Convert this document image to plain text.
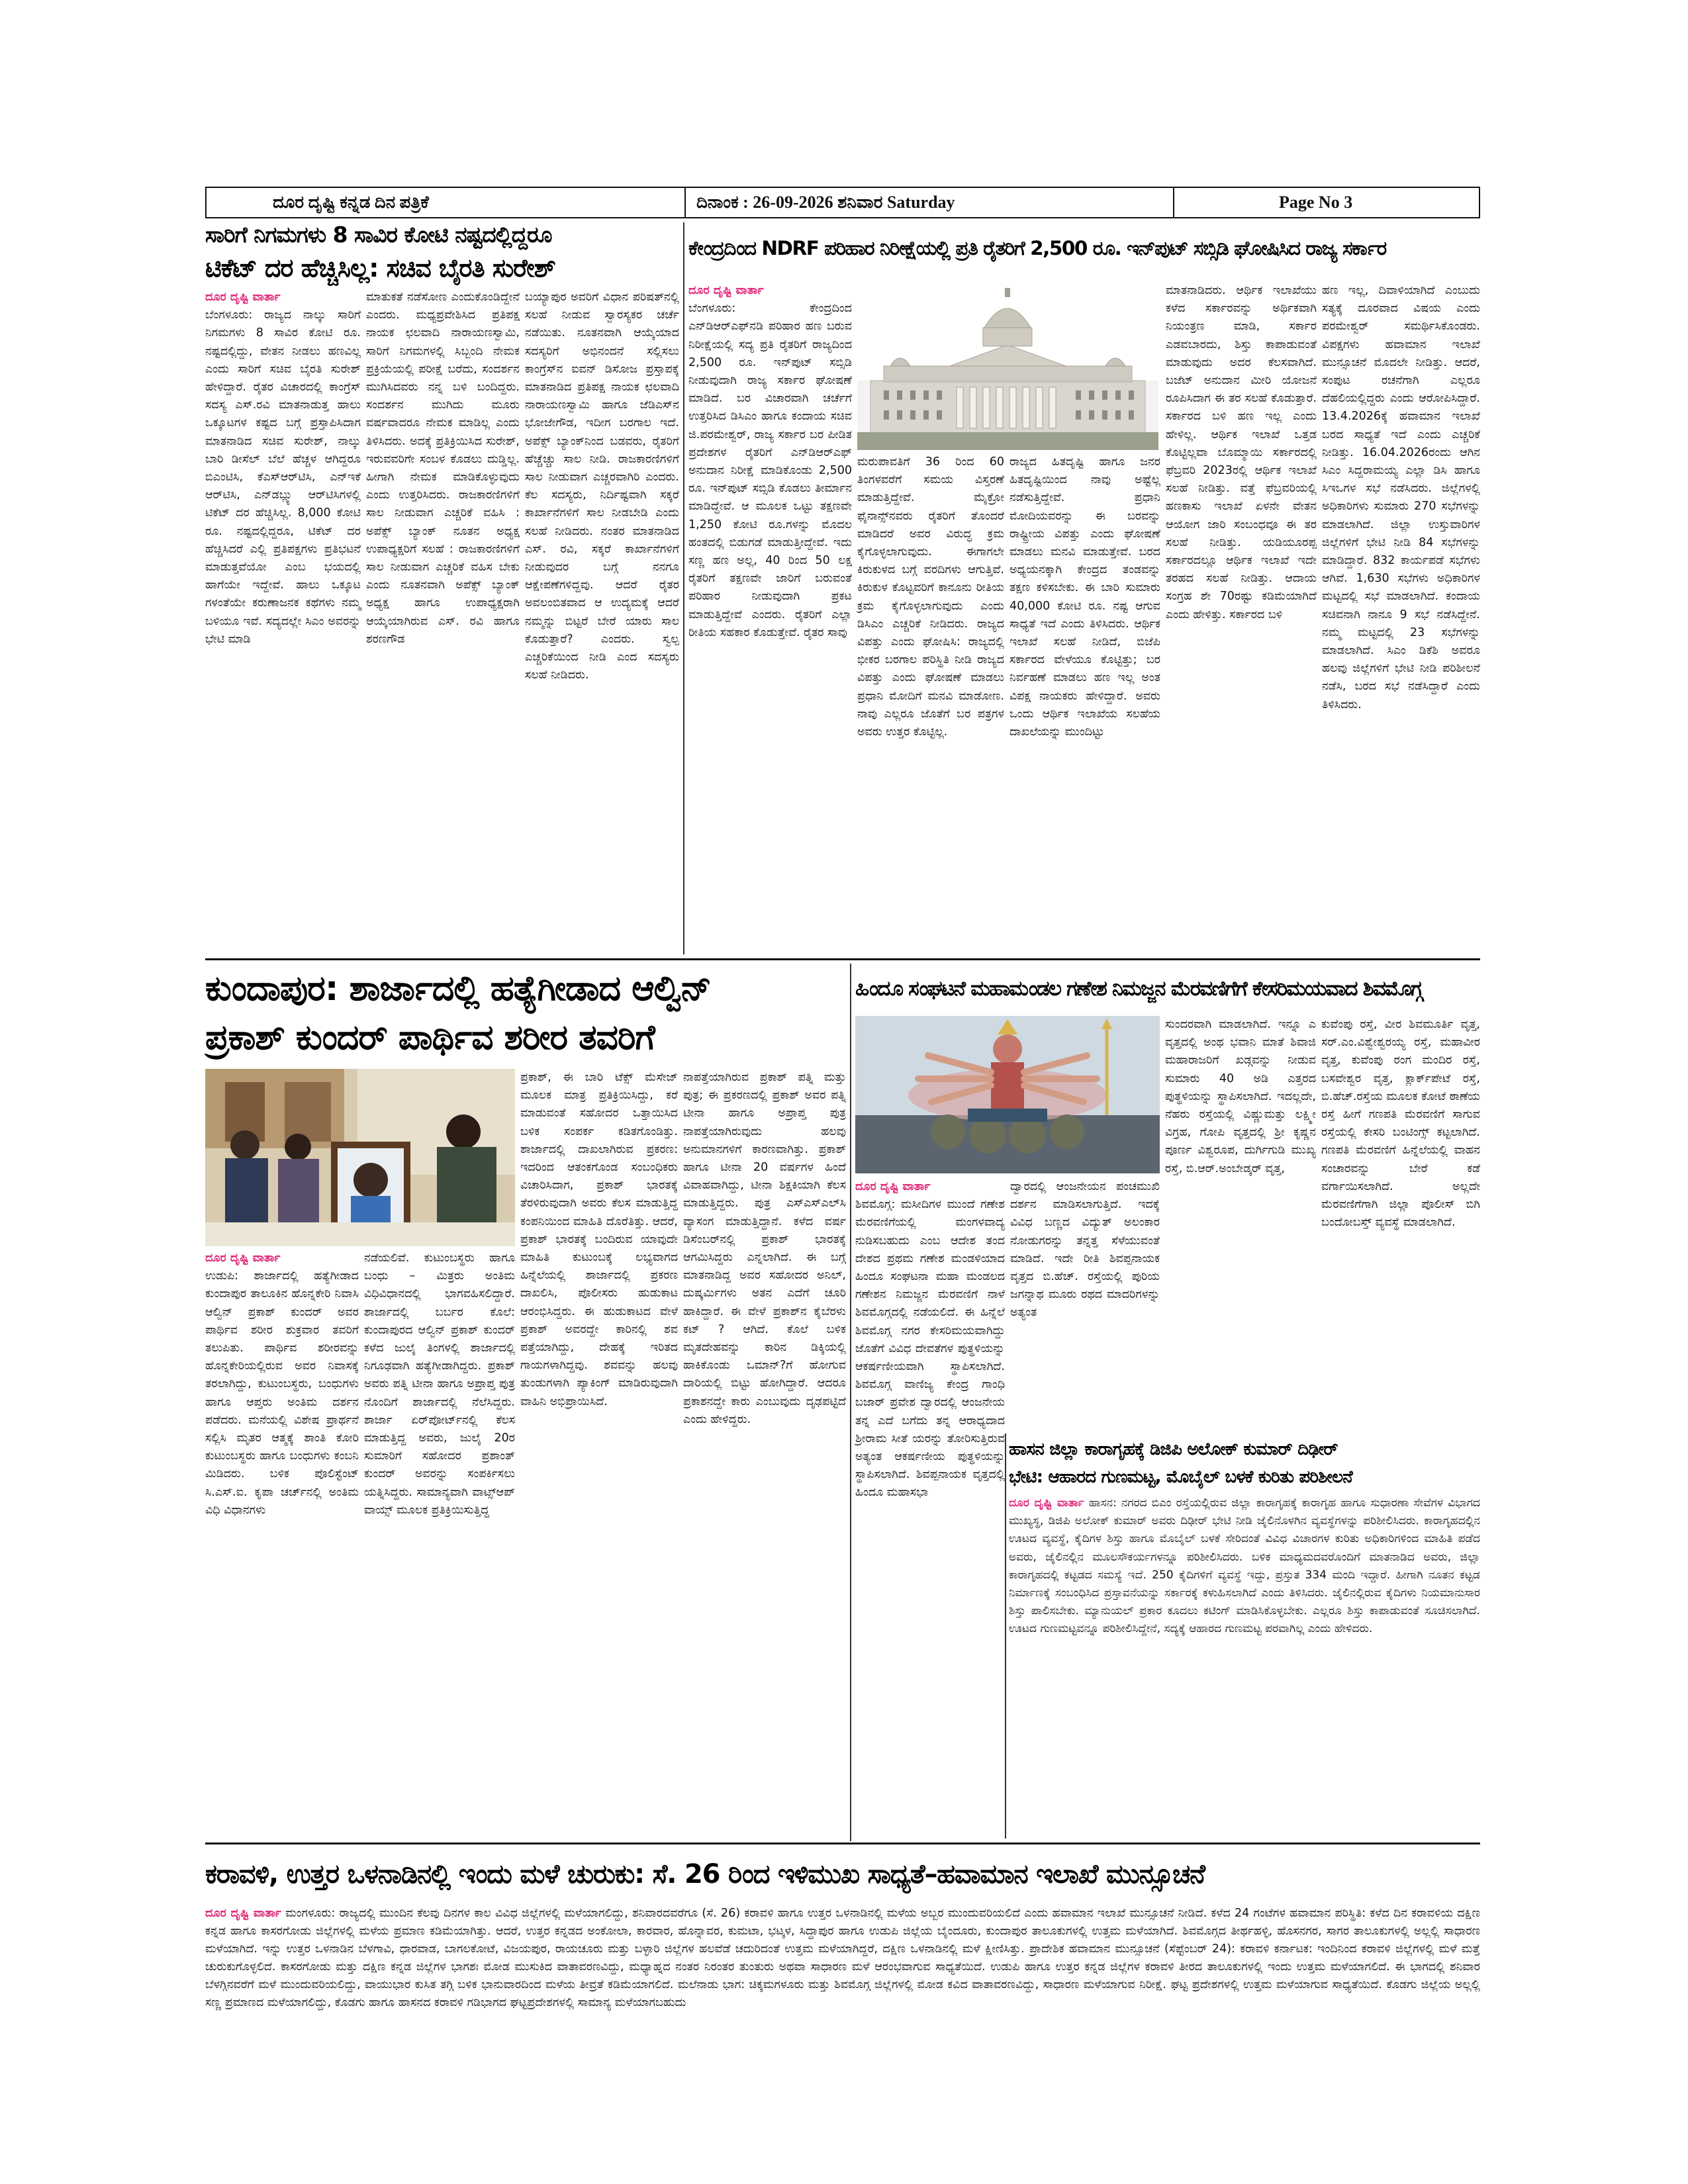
ದೂರ ದೃಷ್ಟಿ ಕನ್ನಡ ದಿನ ಪತ್ರಿಕೆ	ದಿನಾಂಕ : 26-09-2026 ಶನಿವಾರ Saturday	Page No 3
ಸಾರಿಗೆ ನಿಗಮಗಳು 8 ಸಾವಿರ ಕೋಟಿ ನಷ್ಟದಲ್ಲಿದ್ದರೂ
ಟಿಕೆಟ್ ದರ ಹೆಚ್ಚಿಸಿಲ್ಲ: ಸಚಿವ ಬೈರತಿ ಸುರೇಶ್
ದೂರ ದೃಷ್ಟಿ ವಾರ್ತಾ

ಬೆಂಗಳೂರು: ರಾಜ್ಯದ ನಾಲ್ಕು ಸಾರಿಗೆ ನಿಗಮಗಳು 8 ಸಾವಿರ ಕೋಟಿ ರೂ. ನಷ್ಟದಲ್ಲಿದ್ದು, ವೇತನ ನೀಡಲು ಹಣವಿಲ್ಲ ಎಂದು ಸಾರಿಗೆ ಸಚಿವ ಬೈರತಿ ಸುರೇಶ್ ಹೇಳಿದ್ದಾರೆ. ರೈತರ ವಿಚಾರದಲ್ಲಿ ಕಾಂಗ್ರೆಸ್ ಸದಸ್ಯ ಎಸ್.ರವಿ ಮಾತನಾಡುತ್ತ ಹಾಲು ಒಕ್ಕೂಟಗಳ ಕಷ್ಟದ ಬಗ್ಗೆ ಪ್ರಸ್ತಾಪಿಸಿದಾಗ ಮಾತನಾಡಿದ ಸಚಿವ ಸುರೇಶ್, ನಾಲ್ಕು ಬಾರಿ ಡೀಸೆಲ್ ಬೆಲೆ ಹೆಚ್ಚಳ ಆಗಿದ್ದರೂ ಬಿಎಂಟಿಸಿ, ಕೆಎಸ್ಆರ್‌ಟಿಸಿ, ಎನ್‌ಇಕೆ ಆರ್‌ಟಿಸಿ, ಎನ್‌ಡಬ್ಲ್ಯು ಆರ್‌ಟಿಸಿಗಳಲ್ಲಿ ಟಿಕೆಟ್ ದರ ಹೆಚ್ಚಿಸಿಲ್ಲ. 8,000 ಕೋಟಿ ರೂ. ನಷ್ಟದಲ್ಲಿದ್ದರೂ, ಟಿಕೆಟ್ ದರ ಹೆಚ್ಚಿಸಿದರೆ ಎಲ್ಲಿ ಪ್ರತಿಪಕ್ಷಗಳು ಪ್ರತಿಭಟನೆ ಮಾಡುತ್ತವೆಯೋ ಎಂಬ ಭಯದಲ್ಲಿ ಹಾಗೆಯೇ ಇದ್ದೇವೆ. ಹಾಲು ಒಕ್ಕೂಟ ಗಳಂತೆಯೇ ಕರುಣಾಜನಕ ಕಥೆಗಳು ನಮ್ಮ ಬಳಿಯೂ ಇವೆ. ಸದ್ಯದಲ್ಲೇ ಸಿಎಂ ಅವರನ್ನು ಭೇಟಿ ಮಾಡಿ

ಮಾತುಕತೆ ನಡೆಸೋಣ ಎಂದುಕೊಂಡಿದ್ದೇನೆ ಎಂದರು. ಮಧ್ಯಪ್ರವೇಶಿಸಿದ ಪ್ರತಿಪಕ್ಷ ನಾಯಕ ಛಲವಾದಿ ನಾರಾಯಣಸ್ವಾಮಿ, ಸಾರಿಗೆ ನಿಗಮಗಳಲ್ಲಿ ಸಿಬ್ಬಂದಿ ನೇಮಕ ಪ್ರಕ್ರಿಯೆಯಲ್ಲಿ ಪರೀಕ್ಷೆ ಬರೆದು, ಸಂದರ್ಶನ ಮುಗಿಸಿದವರು ನನ್ನ ಬಳಿ ಬಂದಿದ್ದರು. ಸಂದರ್ಶನ ಮುಗಿದು ಮೂರು ವರ್ಷವಾದರೂ ನೇಮಕ ಮಾಡಿಲ್ಲ ಎಂದು ತಿಳಿಸಿದರು. ಅದಕ್ಕೆ ಪ್ರತಿಕ್ರಿಯಿಸಿದ ಸುರೇಶ್, ಇರುವವರಿಗೇ ಸಂಬಳ ಕೊಡಲು ದುಡ್ಡಿಲ್ಲ. ಹೀಗಾಗಿ ನೇಮಕ ಮಾಡಿಕೊಳ್ಳುವುದು ಎಂದು ಉತ್ತರಿಸಿದರು. ರಾಜಕಾರಣಿಗಳಿಗೆ ಸಾಲ ನೀಡುವಾಗ ಎಚ್ಚರಿಕೆ ವಹಿಸಿ : ಅಪೆಕ್ಸ್ ಬ್ಯಾಂಕ್ ನೂತನ ಅಧ್ಯಕ್ಷ ಉಪಾಧ್ಯಕ್ಷರಿಗೆ ಸಲಹೆ : ರಾಜಕಾರಣಿಗಳಿಗೆ ಸಾಲ ನೀಡುವಾಗ ಎಚ್ಚರಿಕೆ ವಹಿಸ ಬೇಕು ಎಂದು ನೂತನವಾಗಿ ಅಪೆಕ್ಸ್ ಬ್ಯಾಂಕ್ ಅಧ್ಯಕ್ಷ ಹಾಗೂ ಉಪಾಧ್ಯಕ್ಷರಾಗಿ ಆಯ್ಕೆಯಾಗಿರುವ ಎಸ್. ರವಿ ಹಾಗೂ ಶರಣಗೌಡ

ಬಯ್ಯಾಪುರ ಅವರಿಗೆ ವಿಧಾನ ಪರಿಷತ್‌ನಲ್ಲಿ ಸಲಹೆ ನೀಡುವ ಸ್ವಾರಸ್ಯಕರ ಚರ್ಚೆ ನಡೆಯಿತು. ನೂತನವಾಗಿ ಆಯ್ಕೆಯಾದ ಸದಸ್ಯರಿಗೆ ಅಭಿನಂದನೆ ಸಲ್ಲಿಸಲು ಕಾಂಗ್ರೆಸ್‌ನ ಐವನ್ ಡಿಸೋಜ ಪ್ರಸ್ತಾಪಕ್ಕೆ ಮಾತನಾಡಿದ ಪ್ರತಿಪಕ್ಷ ನಾಯಕ ಛಲವಾದಿ ನಾರಾಯಣಸ್ವಾಮಿ ಹಾಗೂ ಜೆಡಿಎಸ್‌ನ ಭೋಜೇಗೌಡ, ಇದೀಗ ಬರಗಾಲ ಇದೆ. ಅಪೆಕ್ಸ್ ಬ್ಯಾಂಕ್‌ನಿಂದ ಬಡವರು, ರೈತರಿಗೆ ಹೆಚ್ಚೆಚ್ಚು ಸಾಲ ನೀಡಿ. ರಾಜಕಾರಣಿಗಳಿಗೆ ಸಾಲ ನೀಡುವಾಗ ಎಚ್ಚರವಾಗಿರಿ ಎಂದರು. ಕೆಲ ಸದಸ್ಯರು, ನಿರ್ದಿಷ್ಟವಾಗಿ ಸಕ್ಕರೆ ಕಾರ್ಖಾನೆಗಳಿಗೆ ಸಾಲ ನೀಡಬೇಡಿ ಎಂದು ಸಲಹೆ ನೀಡಿದರು. ನಂತರ ಮಾತನಾಡಿದ ಎಸ್. ರವಿ, ಸಕ್ಕರೆ ಕಾರ್ಖಾನೆಗಳಿಗೆ ನೀಡುವುದರ ಬಗ್ಗೆ ನನಗೂ ಆಕ್ಷೇಪಣೆಗಳಿದ್ದವು. ಆದರೆ ರೈತರ ಅವಲಂಬಿತವಾದ ಆ ಉದ್ಯಮಕ್ಕೆ ಆದರೆ ನಮ್ಮನ್ನು ಬಿಟ್ಟರೆ ಬೇರೆ ಯಾರು ಸಾಲ ಕೊಡುತ್ತಾರೆ? ಎಂದರು. ಸ್ವಲ್ಪ ಎಚ್ಚರಿಕೆಯಿಂದ ನೀಡಿ ಎಂದ ಸದಸ್ಯರು ಸಲಹೆ ನೀಡಿದರು.

ಕೇಂದ್ರದಿಂದ NDRF ಪರಿಹಾರ ನಿರೀಕ್ಷೆಯಲ್ಲಿ ಪ್ರತಿ ರೈತರಿಗೆ 2,500 ರೂ. ಇನ್‌ಪುಟ್ ಸಬ್ಸಿಡಿ ಘೋಷಿಸಿದ ರಾಜ್ಯ ಸರ್ಕಾರ
ದೂರ ದೃಷ್ಟಿ ವಾರ್ತಾ

ಬೆಂಗಳೂರು: ಕೇಂದ್ರದಿಂದ ಎನ್‌ಡಿಆರ್‌ಎಫ್‌ನಡಿ ಪರಿಹಾರ ಹಣ ಬರುವ ನಿರೀಕ್ಷೆಯಲ್ಲಿ ಸದ್ಯ ಪ್ರತಿ ರೈತರಿಗೆ ರಾಜ್ಯದಿಂದ 2,500 ರೂ. ಇನ್‌ಪುಟ್ ಸಬ್ಸಿಡಿ ನೀಡುವುದಾಗಿ ರಾಜ್ಯ ಸರ್ಕಾರ ಘೋಷಣೆ ಮಾಡಿದೆ. ಬರ ವಿಚಾರವಾಗಿ ಚರ್ಚೆಗೆ ಉತ್ತರಿಸಿದ ಡಿಸಿಎಂ ಹಾಗೂ ಕಂದಾಯ ಸಚಿವ ಜಿ.ಪರಮೇಶ್ವರ್, ರಾಜ್ಯ ಸರ್ಕಾರ ಬರ ಪೀಡಿತ ಪ್ರದೇಶಗಳ ರೈತರಿಗೆ ಎನ್‌ಡಿಆರ್‌ಎಫ್ ಅನುದಾನ ನಿರೀಕ್ಷೆ ಮಾಡಿಕೊಂಡು 2,500 ರೂ. ಇನ್‌ಪುಟ್ ಸಬ್ಸಿಡಿ ಕೊಡಲು ತೀರ್ಮಾನ ಮಾಡಿದ್ದೇವೆ. ಆ ಮೂಲಕ ಒಟ್ಟು ತಕ್ಷಣವೇ 1,250 ಕೋಟಿ ರೂ.ಗಳನ್ನು ಮೊದಲ ಹಂತದಲ್ಲಿ ಬಿಡುಗಡೆ ಮಾಡುತ್ತೀದ್ದೇವೆ. ಇದು ಸಣ್ಣ ಹಣ ಅಲ್ಲ, 40 ರಿಂದ 50 ಲಕ್ಷ ರೈತರಿಗೆ ತಕ್ಷಣವೇ ಜಾರಿಗೆ ಬರುವಂತೆ ಪರಿಹಾರ ನೀಡುವುದಾಗಿ ಪ್ರಕಟ ಮಾಡುತ್ತಿದ್ದೇವೆ ಎಂದರು. ರೈತರಿಗೆ ಎಲ್ಲಾ ರೀತಿಯ ಸಹಕಾರ ಕೊಡುತ್ತೇವೆ. ರೈತರ ಸಾವು

ಮರುಪಾವತಿಗೆ 36 ರಿಂದ 60 ತಿಂಗಳವರೆಗೆ ಸಮಯ ವಿಸ್ತರಣೆ ಮಾಡುತ್ತಿದ್ದೇವೆ. ಮೈಕ್ರೋ ಫೈನಾನ್ಸ್‌ನವರು ರೈತರಿಗೆ ತೊಂದರೆ ಮಾಡಿದರೆ ಅವರ ವಿರುದ್ಧ ಕ್ರಮ ಕೈಗೊಳ್ಳಲಾಗುವುದು. ಈಗಾಗಲೇ ಕಿರುಕುಳದ ಬಗ್ಗೆ ವರದಿಗಳು ಆಗುತ್ತಿವೆ. ಕಿರುಕುಳ ಕೊಟ್ಟವರಿಗೆ ಕಾನೂನು ರೀತಿಯ ಕ್ರಮ ಕೈಗೊಳ್ಳಲಾಗುವುದು ಎಂದು ಡಿಸಿಎಂ ಎಚ್ಚರಿಕೆ ನೀಡಿದರು. ರಾಜ್ಯದ ವಿಪತ್ತು ಎಂದು ಘೋಷಿಸಿ: ರಾಜ್ಯದಲ್ಲಿ ಭೀಕರ ಬರಗಾಲ ಪರಿಸ್ಥಿತಿ ನೀಡಿ ರಾಜ್ಯದ ವಿಪತ್ತು ಎಂದು ಘೋಷಣೆ ಮಾಡಲು ಪ್ರಧಾನಿ ಮೋದಿಗೆ ಮನವಿ ಮಾಡೋಣ. ನಾವು ಎಲ್ಲರೂ ಜೊತೆಗೆ ಬರ ಪತ್ರಗಳ ಅವರು ಉತ್ತರ ಕೊಟ್ಟಿಲ್ಲ.

ರಾಜ್ಯದ ಹಿತದೃಷ್ಟಿ ಹಾಗೂ ಜನರ ಹಿತದೃಷ್ಟಿಯಿಂದ ನಾವು ಅಷ್ಟೆಲ್ಲ ನಡೆಸುತ್ತಿದ್ದೇವೆ. ಪ್ರಧಾನಿ ಮೋದಿಯವರನ್ನು ಈ ಬರವನ್ನು ರಾಷ್ಟ್ರೀಯ ವಿಪತ್ತು ಎಂದು ಘೋಷಣೆ ಮಾಡಲು ಮನವಿ ಮಾಡುತ್ತೇವೆ. ಬರದ ಅಧ್ಯಯನಕ್ಕಾಗಿ ಕೇಂದ್ರದ ತಂಡವನ್ನು ತಕ್ಷಣ ಕಳಿಸಬೇಕು. ಈ ಬಾರಿ ಸುಮಾರು 40,000 ಕೋಟಿ ರೂ. ನಷ್ಟ ಆಗುವ ಸಾಧ್ಯತೆ ಇದೆ ಎಂದು ತಿಳಿಸಿದರು. ಆರ್ಥಿಕ ಇಲಾಖೆ ಸಲಹೆ ನೀಡಿದೆ, ಬಿಜೆಪಿ ಸರ್ಕಾರದ ವೇಳೆಯೂ ಕೊಟ್ಟಿತ್ತು; ಬರ ನಿರ್ವಹಣೆ ಮಾಡಲು ಹಣ ಇಲ್ಲ ಅಂತ ವಿಪಕ್ಷ ನಾಯಕರು ಹೇಳಿದ್ದಾರೆ. ಅವರು ಒಂದು ಆರ್ಥಿಕ ಇಲಾಖೆಯ ಸಲಹೆಯ ದಾಖಲೆಯನ್ನು ಮುಂದಿಟ್ಟು

ಮಾತನಾಡಿದರು. ಆರ್ಥಿಕ ಇಲಾಖೆಯು ಕಳೆದ ಸರ್ಕಾರವನ್ನು ಅರ್ಥಿಕವಾಗಿ ನಿಯಂತ್ರಣ ಮಾಡಿ, ಸರ್ಕಾರ ಎಡವಬಾರದು, ಶಿಸ್ತು ಕಾಪಾಡುವಂತೆ ಮಾಡುವುದು ಅದರ ಕೆಲಸವಾಗಿದೆ. ಬಜೆಟ್ ಅನುದಾನ ಮೀರಿ ಯೋಜನೆ ರೂಪಿಸಿದಾಗ ಈ ತರ ಸಲಹೆ ಕೊಡುತ್ತಾರೆ. ಸರ್ಕಾರದ ಬಳಿ ಹಣ ಇಲ್ಲ ಎಂದು ಹೇಳಿಲ್ಲ. ಆರ್ಥಿಕ ಇಲಾಖೆ ಒತ್ತಡ ಕೊಟ್ಟಿಲ್ಲವಾ ಬೊಮ್ಮಾಯಿ ಸರ್ಕಾರದಲ್ಲಿ ಫೆಬ್ರವರಿ 2023ರಲ್ಲಿ ಆರ್ಥಿಕ ಇಲಾಖೆ ಸಲಹೆ ನೀಡಿತ್ತು. ವತ್ತೆ ಫೆಬ್ರವರಿಯಲ್ಲಿ ಹಣಕಾಸು ಇಲಾಖೆ ಏಳನೇ ವೇತನ ಆಯೋಗ ಜಾರಿ ಸಂಬಂಧವೂ ಈ ತರ ಸಲಹೆ ನೀಡಿತ್ತು. ಯಡಿಯೂರಪ್ಪ ಸರ್ಕಾರದಲ್ಲೂ ಆರ್ಥಿಕ ಇಲಾಖೆ ಇದೇ ತರಹದ ಸಲಹೆ ನೀಡಿತ್ತು. ಆದಾಯ ಸಂಗ್ರಹ ಶೇ 70ರಷ್ಟು ಕಡಿಮೆಯಾಗಿದೆ ಎಂದು ಹೇಳಿತ್ತು. ಸರ್ಕಾರದ ಬಳಿ

ಹಣ ಇಲ್ಲ, ದಿವಾಳಿಯಾಗಿದೆ ಎಂಬುದು ಸತ್ಯಕ್ಕೆ ದೂರವಾದ ವಿಷಯ ಎಂದು ಪರಮೇಶ್ವರ್ ಸಮರ್ಥಿಸಿಕೊಂಡರು. ವಿಪಕ್ಷಗಳು ಹವಾಮಾನ ಇಲಾಖೆ ಮುನ್ಸೂಚನೆ ಮೊದಲೇ ನೀಡಿತ್ತು. ಆದರೆ, ಸಂಪುಟ ರಚನೆಗಾಗಿ ಎಲ್ಲರೂ ದೆಹಲಿಯಲ್ಲಿದ್ದರು ಎಂದು ಆರೋಪಿಸಿದ್ದಾರೆ. 13.4.2026ಕ್ಕೆ ಹವಾಮಾನ ಇಲಾಖೆ ಬರದ ಸಾಧ್ಯತೆ ಇದೆ ಎಂದು ಎಚ್ಚರಿಕೆ ನೀಡಿತ್ತು. 16.04.2026ರಂದು ಆಗಿನ ಸಿಎಂ ಸಿದ್ದರಾಮಯ್ಯ ಎಲ್ಲಾ ಡಿಸಿ ಹಾಗೂ ಸಿಇಒಗಳ ಸಭೆ ನಡೆಸಿದರು. ಜಿಲ್ಲೆಗಳಲ್ಲಿ ಅಧಿಕಾರಿಗಳು ಸುಮಾರು 270 ಸಭೆಗಳನ್ನು ಮಾಡಲಾಗಿದೆ. ಜಿಲ್ಲಾ ಉಸ್ತುವಾರಿಗಳ ಜಿಲ್ಲೆಗಳಿಗೆ ಭೇಟಿ ನೀಡಿ 84 ಸಭೆಗಳನ್ನು ಮಾಡಿದ್ದಾರೆ. 832 ಕಾರ್ಯಪಡೆ ಸಭೆಗಳು ಆಗಿವೆ. 1,630 ಸಭೆಗಳು ಅಧಿಕಾರಿಗಳ ಮಟ್ಟದಲ್ಲಿ ಸಭೆ ಮಾಡಲಾಗಿದೆ. ಕಂದಾಯ ಸಚಿವನಾಗಿ ನಾನೂ 9 ಸಭೆ ನಡೆಸಿದ್ದೇನೆ. ನಮ್ಮ ಮಟ್ಟದಲ್ಲಿ 23 ಸಭೆಗಳನ್ನು ಮಾಡಲಾಗಿದೆ. ಸಿಎಂ ಡಿಕೆಶಿ ಅವರೂ ಹಲವು ಜಿಲ್ಲೆಗಳಿಗೆ ಭೇಟಿ ನೀಡಿ ಪರಿಶೀಲನೆ ನಡೆಸಿ, ಬರದ ಸಭೆ ನಡೆಸಿದ್ದಾರೆ ಎಂದು ತಿಳಿಸಿದರು.

ಕುಂದಾಪುರ: ಶಾರ್ಜಾದಲ್ಲಿ ಹತ್ಯೆಗೀಡಾದ ಆಲ್ವಿನ್
ಪ್ರಕಾಶ್ ಕುಂದರ್ ಪಾರ್ಥಿವ ಶರೀರ ತವರಿಗೆ
ದೂರ ದೃಷ್ಟಿ ವಾರ್ತಾ

ಉಡುಪಿ: ಶಾರ್ಜಾದಲ್ಲಿ ಹತ್ಯೆಗೀಡಾದ ಕುಂದಾಪುರ ತಾಲೂಕಿನ ಹೊನ್ನಕೇರಿ ನಿವಾಸಿ ಆಲ್ವಿನ್ ಪ್ರಕಾಶ್ ಕುಂದರ್ ಅವರ ಪಾರ್ಥಿವ ಶರೀರ ಶುಕ್ರವಾರ ತವರಿಗೆ ತಲುಪಿತು. ಪಾರ್ಥಿವ ಶರೀರವನ್ನು ಹೊನ್ನಕೇರಿಯಲ್ಲಿರುವ ಅವರ ನಿವಾಸಕ್ಕೆ ತರಲಾಗಿದ್ದು, ಕುಟುಂಬಸ್ಥರು, ಬಂಧುಗಳು ಹಾಗೂ ಆಪ್ತರು ಅಂತಿಮ ದರ್ಶನ ಪಡೆದರು. ಮನೆಯಲ್ಲಿ ವಿಶೇಷ ಪ್ರಾರ್ಥನೆ ಸಲ್ಲಿಸಿ ಮೃತರ ಆತ್ಮಕ್ಕೆ ಶಾಂತಿ ಕೋರಿ ಕುಟುಂಬಸ್ಥರು ಹಾಗೂ ಬಂಧುಗಳು ಕಂಬನಿ ಮಿಡಿದರು. ಬಳಿಕ ಪೊಲಿಸ್ಟೆಂಟ್ ಸಿ.ಎಸ್.ಐ. ಕೃಪಾ ಚರ್ಚ್‌ನಲ್ಲಿ ಅಂತಿಮ ವಿಧಿ ವಿಧಾನಗಳು

ನಡೆಯಲಿವೆ. ಕುಟುಂಬಸ್ಥರು ಹಾಗೂ ಬಂಧು – ಮಿತ್ರರು ಅಂತಿಮ ವಿಧಿವಿಧಾನದಲ್ಲಿ ಭಾಗವಹಿಸಲಿದ್ದಾರೆ. ಶಾರ್ಜಾದಲ್ಲಿ ಬರ್ಬರ ಕೊಲೆ: ಕುಂದಾಪುರದ ಆಲ್ವಿನ್ ಪ್ರಕಾಶ್ ಕುಂದರ್ ಕಳೆದ ಜುಲೈ ತಿಂಗಳಲ್ಲಿ ಶಾರ್ಜಾದಲ್ಲಿ ನಿಗೂಢವಾಗಿ ಹತ್ಯೆಗೀಡಾಗಿದ್ದರು. ಪ್ರಕಾಶ್ ಅವರು ಪತ್ನಿ ಟೀನಾ ಹಾಗೂ ಅಪ್ರಾಪ್ತ ಪುತ್ರ ನೊಂದಿಗೆ ಶಾರ್ಜಾದಲ್ಲಿ ನೆಲೆಸಿದ್ದರು. ಶಾರ್ಜಾ ಏರ್‌ಪೋರ್ಟ್‌ನಲ್ಲಿ ಕೆಲಸ ಮಾಡುತ್ತಿದ್ದ ಅವರು, ಜುಲೈ 20ರ ಸುಮಾರಿಗೆ ಸಹೋದರ ಪ್ರಶಾಂತ್ ಕುಂದರ್ ಅವರನ್ನು ಸಂಪರ್ಕಿಸಲು ಯತ್ನಿಸಿದ್ದರು. ಸಾಮಾನ್ಯವಾಗಿ ವಾಟ್ಸ್ಆಪ್ ವಾಯ್ಸ್ ಮೂಲಕ ಪ್ರತಿಕ್ರಿಯಿಸುತ್ತಿದ್ದ

ಪ್ರಕಾಶ್, ಈ ಬಾರಿ ಟೆಕ್ಸ್ ಮೆಸೇಜ್ ಮೂಲಕ ಮಾತ್ರ ಪ್ರತಿಕ್ರಿಯಿಸಿದ್ದು, ಕರೆ ಮಾಡುವಂತೆ ಸಹೋದರ ಒತ್ತಾಯಿಸಿದ ಬಳಿಕ ಸಂಪರ್ಕ ಕಡಿತಗೊಂಡಿತ್ತು. ಶಾರ್ಜಾದಲ್ಲಿ ದಾಖಲಾಗಿರುವ ಪ್ರಕರಣ: ಇದರಿಂದ ಆತಂಕಗೊಂಡ ಸಂಬಂಧಿಕರು ವಿಚಾರಿಸಿದಾಗ, ಪ್ರಕಾಶ್ ಭಾರತಕ್ಕೆ ತೆರಳಿರುವುದಾಗಿ ಅವರು ಕೆಲಸ ಮಾಡುತ್ತಿದ್ದ ಕಂಪನಿಯಿಂದ ಮಾಹಿತಿ ದೊರೆತಿತ್ತು. ಆದರೆ, ಪ್ರಕಾಶ್ ಭಾರತಕ್ಕೆ ಬಂದಿರುವ ಯಾವುದೇ ಮಾಹಿತಿ ಕುಟುಂಬಕ್ಕೆ ಲಭ್ಯವಾಗದ ಹಿನ್ನೆಲೆಯಲ್ಲಿ ಶಾರ್ಜಾದಲ್ಲಿ ಪ್ರಕರಣ ದಾಖಲಿಸಿ, ಪೊಲೀಸರು ಹುಡುಕಾಟ ಆರಂಭಿಸಿದ್ದರು. ಈ ಹುಡುಕಾಟದ ವೇಳೆ ಪ್ರಕಾಶ್ ಅವರದ್ದೇ ಕಾರಿನಲ್ಲಿ ಶವ ಪತ್ತೆಯಾಗಿದ್ದು, ದೇಹಕ್ಕೆ ಇರಿತದ ಗಾಯಗಳಾಗಿದ್ದವು. ಶವವನ್ನು ಹಲವು ತುಂಡುಗಳಾಗಿ ಪ್ಯಾಕಿಂಗ್ ಮಾಡಿರುವುದಾಗಿ ವಾಹಿನಿ ಅಭಿಪ್ರಾಯಿಸಿದೆ.

ನಾಪತ್ತೆಯಾಗಿರುವ ಪ್ರಕಾಶ್ ಪತ್ನಿ ಮತ್ತು ಪುತ್ರ; ಈ ಪ್ರಕರಣದಲ್ಲಿ ಪ್ರಕಾಶ್ ಅವರ ಪತ್ನಿ ಟೀನಾ ಹಾಗೂ ಅಪ್ರಾಪ್ತ ಪುತ್ರ ನಾಪತ್ತೆಯಾಗಿರುವುದು ಹಲವು ಅನುಮಾನಗಳಿಗೆ ಕಾರಣವಾಗಿತ್ತು. ಪ್ರಕಾಶ್ ಹಾಗೂ ಟೀನಾ 20 ವರ್ಷಗಳ ಹಿಂದೆ ವಿವಾಹವಾಗಿದ್ದು, ಟೀನಾ ಶಿಕ್ಷಕಿಯಾಗಿ ಕೆಲಸ ಮಾಡುತ್ತಿದ್ದರು. ಪುತ್ರ ಎಸ್ಎಸ್ಎಲ್‌ಸಿ ವ್ಯಾಸಂಗ ಮಾಡುತ್ತಿದ್ದಾನೆ. ಕಳೆದ ವರ್ಷ ಡಿಸೆಂಬರ್‌ನಲ್ಲಿ ಪ್ರಕಾಶ್ ಭಾರತಕ್ಕೆ ಆಗಮಿಸಿದ್ದರು ಎನ್ನಲಾಗಿದೆ. ಈ ಬಗ್ಗೆ ಮಾತನಾಡಿದ್ದ ಅವರ ಸಹೋದರ ಅನಿಲ್, ದುಷ್ಕರ್ಮಿಗಳು ಅತನ ಎದೆಗೆ ಚೂರಿ ಹಾಕಿದ್ದಾರೆ. ಈ ವೇಳೆ ಪ್ರಕಾಶ್‌ನ ಕೈಬೆರಳು ಕಟ್ ? ಆಗಿದೆ. ಕೊಲೆ ಬಳಿಕ ಮೃತದೇಹವನ್ನು ಕಾರಿನ ಡಿಕ್ಕಿಯಲ್ಲಿ ಹಾಕಿಕೊಂಡು ಒಮಾನ್?ಗೆ ಹೋಗುವ ದಾರಿಯಲ್ಲಿ ಬಿಟ್ಟು ಹೋಗಿದ್ದಾರೆ. ಆದರೂ ಪ್ರಕಾಶನದ್ದೇ ಕಾರು ಎಂಬುವುದು ದೃಢಪಟ್ಟಿದೆ ಎಂದು ಹೇಳಿದ್ದರು.

ಹಿಂದೂ ಸಂಘಟನೆ ಮಹಾಮಂಡಲ ಗಣೇಶ ನಿಮಜ್ಜನ ಮೆರವಣಿಗೆಗೆ ಕೇಸರಿಮಯವಾದ ಶಿವಮೊಗ್ಗ
ದೂರ ದೃಷ್ಟಿ ವಾರ್ತಾ

ಶಿವಮೊಗ್ಗ: ಮಸೀದಿಗಳ ಮುಂದೆ ಗಣೇಶ ಮೆರವಣಿಗೆಯಲ್ಲಿ ಮಂಗಳವಾದ್ಯ ನುಡಿಸಬಹುದು ಎಂಬ ಆದೇಶ ತಂದ ದೇಶದ ಪ್ರಥಮ ಗಣೇಶ ಮಂಡಳಿಯಾದ ಹಿಂದೂ ಸಂಘಟನಾ ಮಹಾ ಮಂಡಲದ ಗಣೇಶನ ನಿಮಜ್ಜನ ಮೆರವಣಿಗೆ ನಾಳೆ ಶಿವಮೊಗ್ಗದಲ್ಲಿ ನಡೆಯಲಿದೆ. ಈ ಹಿನ್ನೆಲೆ ಶಿವಮೊಗ್ಗ ನಗರ ಕೇಸರಿಮಯವಾಗಿದ್ದು ಜೊತೆಗೆ ವಿವಿಧ ದೇವತೆಗಳ ಪುತ್ಥಳಿಯನ್ನು ಆಕರ್ಷಣೀಯವಾಗಿ ಸ್ಥಾಪಿಸಲಾಗಿದೆ. ಶಿವಮೊಗ್ಗ ವಾಣಿಜ್ಯ ಕೇಂದ್ರ ಗಾಂಧಿ ಬಜಾರ್ ಪ್ರವೇಶ ದ್ವಾರದಲ್ಲಿ ಆಂಜನೇಯ ತನ್ನ ಎದೆ ಬಗೆದು ತನ್ನ ಆರಾಧ್ಯದಾದ ಶ್ರೀರಾಮ ಸೀತೆ ಯರನ್ನು ತೋರಿಸುತ್ತಿರುವ ಅತ್ಯಂತ ಆಕರ್ಷಣೀಯ ಪುತ್ಥಳಿಯನ್ನು ಸ್ಥಾಪಿಸಲಾಗಿದೆ. ಶಿವಪ್ಪನಾಯಕ ವೃತ್ತದಲ್ಲಿ ಹಿಂದೂ ಮಹಾಸಭಾ

ದ್ವಾರದಲ್ಲಿ ಆಂಜನೇಯನ ಪಂಚಮುಖಿ ದರ್ಶನ ಮಾಡಿಸಲಾಗುತ್ತಿದೆ. ಇದಕ್ಕೆ ವಿವಿಧ ಬಣ್ಣದ ವಿದ್ಯುತ್ ಅಲಂಕಾರ ನೋಡುಗರನ್ನು ತನ್ನತ್ತ ಸೆಳೆಯುವಂತೆ ಮಾಡಿದೆ. ಇದೇ ರೀತಿ ಶಿವಪ್ಪನಾಯಕ ವೃತ್ತದ ಬಿ.ಹೆಚ್. ರಸ್ತೆಯಲ್ಲಿ ಪುರಿಯ ಜಗನ್ನಾಥ ಮೂರು ರಥದ ಮಾದರಿಗಳನ್ನು ಅತ್ಯಂತ

ಸುಂದರವಾಗಿ ಮಾಡಲಾಗಿದೆ. ಇನ್ನೂ ಎ ವೃತ್ತದಲ್ಲಿ ಅಂಥ ಭವಾನಿ ಮಾತೆ ಶಿವಾಜಿ ಮಹಾರಾಜರಿಗೆ ಖಡ್ಗವನ್ನು ನೀಡುವ ಸುಮಾರು 40 ಅಡಿ ಎತ್ತರದ ಪುತ್ಥಳಿಯನ್ನು ಸ್ಥಾಪಿಸಲಾಗಿದೆ. ಇದಲ್ಲದೇ, ನೆಹರು ರಸ್ತೆಯಲ್ಲಿ ವಿಷ್ಣುಮತ್ತು ಲಕ್ಷ್ಮೀ ವಿಗ್ರಹ, ಗೋಪಿ ವೃತ್ತದಲ್ಲಿ ಶ್ರೀ ಕೃಷ್ಣನ ಪೂರ್ಣ ವಿಶ್ವರೂಪ, ದುರ್ಗಿಗುಡಿ ಮುಖ್ಯ ರಸ್ತೆ, ಬಿ.ಆರ್.ಅಂಬೇಡ್ಕರ್ ವೃತ್ತ,

ಕುವೆಂಪು ರಸ್ತೆ, ವೀರ ಶಿವಮೂರ್ತಿ ವೃತ್ತ, ಸರ್.ಎಂ.ವಿಶ್ವೇಶ್ವರಯ್ಯ ರಸ್ತೆ, ಮಹಾವೀರ ವೃತ್ತ, ಕುವೆಂಪು ರಂಗ ಮಂದಿರ ರಸ್ತೆ, ಬಸವೇಶ್ವರ ವೃತ್ತ, ಕ್ಲಾರ್ಕ್‌ಪೇಟೆ ರಸ್ತೆ, ಬಿ.ಹೆಚ್.ರಸ್ತೆಯ ಮೂಲಕ ಕೋಟೆ ಠಾಣೆಯ ರಸ್ತೆ ಹೀಗೆ ಗಣಪತಿ ಮೆರವಣಿಗೆ ಸಾಗುವ ರಸ್ತೆಯಲ್ಲಿ ಕೇಸರಿ ಬಂಟಿಂಗ್ಸ್ ಕಟ್ಟಲಾಗಿದೆ. ಗಣಪತಿ ಮೆರವಣಿಗೆ ಹಿನ್ನೆಲೆಯಲ್ಲಿ ವಾಹನ ಸಂಚಾರವನ್ನು ಬೇರೆ ಕಡೆ ವರ್ಗಾಯಿಸಲಾಗಿದೆ. ಅಲ್ಲದೇ ಮೆರವಣಿಗೆಗಾಗಿ ಜಿಲ್ಲಾ ಪೊಲೀಸ್ ಬಿಗಿ ಬಂದೋಬಸ್ತ್ ವ್ಯವಸ್ಥೆ ಮಾಡಲಾಗಿದೆ.

ಹಾಸನ ಜಿಲ್ಲಾ ಕಾರಾಗೃಹಕ್ಕೆ ಡಿಜಿಪಿ ಅಲೋಕ್ ಕುಮಾರ್ ದಿಢೀರ್
ಭೇಟಿ: ಆಹಾರದ ಗುಣಮಟ್ಟ, ಮೊಬೈಲ್ ಬಳಕೆ ಕುರಿತು ಪರಿಶೀಲನೆ
ದೂರ ದೃಷ್ಟಿ ವಾರ್ತಾ ಹಾಸನ: ನಗರದ ಬಿಎಂ ರಸ್ತೆಯಲ್ಲಿರುವ ಜಿಲ್ಲಾ ಕಾರಾಗೃಹಕ್ಕೆ ಕಾರಾಗೃಹ ಹಾಗೂ ಸುಧಾರಣಾ ಸೇವೆಗಳ ವಿಭಾಗದ ಮುಖ್ಯಸ್ಥ, ಡಿಜಿಪಿ ಅಲೋಕ್ ಕುಮಾರ್ ಅವರು ದಿಢೀರ್ ಭೇಟಿ ನೀಡಿ ಜೈಲಿನೊಳಗಿನ ವ್ಯವಸ್ಥೆಗಳನ್ನು ಪರಿಶೀಲಿಸಿದರು. ಕಾರಾಗೃಹದಲ್ಲಿನ ಊಟದ ವ್ಯವಸ್ಥೆ, ಕೈದಿಗಳ ಶಿಸ್ತು ಹಾಗೂ ಮೊಬೈಲ್ ಬಳಕೆ ಸೇರಿದಂತೆ ವಿವಿಧ ವಿಚಾರಗಳ ಕುರಿತು ಅಧಿಕಾರಿಗಳಿಂದ ಮಾಹಿತಿ ಪಡೆದ ಅವರು, ಜೈಲಿನಲ್ಲಿನ ಮೂಲಸೌಕರ್ಯಗಳನ್ನೂ ಪರಿಶೀಲಿಸಿದರು. ಬಳಿಕ ಮಾಧ್ಯಮದವರೊಂದಿಗೆ ಮಾತನಾಡಿದ ಅವರು, ಜಿಲ್ಲಾ ಕಾರಾಗೃಹದಲ್ಲಿ ಕಟ್ಟಡದ ಸಮಸ್ಯೆ ಇದೆ. 250 ಕೈದಿಗಳಿಗೆ ವ್ಯವಸ್ಥೆ ಇದ್ದು, ಪ್ರಸ್ತುತ 334 ಮಂದಿ ಇದ್ದಾರೆ. ಹೀಗಾಗಿ ನೂತನ ಕಟ್ಟಡ ನಿರ್ಮಾಣಕ್ಕೆ ಸಂಬಂಧಿಸಿದ ಪ್ರಸ್ತಾವನೆಯನ್ನು ಸರ್ಕಾರಕ್ಕೆ ಕಳುಹಿಸಲಾಗಿದೆ ಎಂದು ತಿಳಿಸಿದರು. ಜೈಲಿನಲ್ಲಿರುವ ಕೈದಿಗಳು ನಿಯಮಾನುಸಾರ ಶಿಸ್ತು ಪಾಲಿಸಬೇಕು. ಮ್ಯಾನುಯಲ್ ಪ್ರಕಾರ ಕೂದಲು ಕಟಿಂಗ್ ಮಾಡಿಸಿಕೊಳ್ಳಬೇಕು. ಎಲ್ಲರೂ ಶಿಸ್ತು ಕಾಪಾಡುವಂತೆ ಸೂಚಿಸಲಾಗಿದೆ. ಊಟದ ಗುಣಮಟ್ಟವನ್ನೂ ಪರಿಶೀಲಿಸಿದ್ದೇನೆ, ಸದ್ಯಕ್ಕೆ ಆಹಾರದ ಗುಣಮಟ್ಟ ಪರವಾಗಿಲ್ಲ ಎಂದು ಹೇಳಿದರು.
ಕರಾವಳಿ, ಉತ್ತರ ಒಳನಾಡಿನಲ್ಲಿ ಇಂದು ಮಳೆ ಚುರುಕು: ಸೆ. 26 ರಿಂದ ಇಳಿಮುಖ ಸಾಧ್ಯತೆ–ಹವಾಮಾನ ಇಲಾಖೆ ಮುನ್ಸೂಚನೆ
ದೂರ ದೃಷ್ಟಿ ವಾರ್ತಾ ಮಂಗಳೂರು: ರಾಜ್ಯದಲ್ಲಿ ಮುಂದಿನ ಕೆಲವು ದಿನಗಳ ಕಾಲ ವಿವಿಧ ಜಿಲ್ಲೆಗಳಲ್ಲಿ ಮಳೆಯಾಗಲಿದ್ದು, ಶನಿವಾರದವರೆಗೂ (ಸೆ. 26) ಕರಾವಳಿ ಹಾಗೂ ಉತ್ತರ ಒಳನಾಡಿನಲ್ಲಿ ಮಳೆಯ ಅಬ್ಬರ ಮುಂದುವರಿಯಲಿದೆ ಎಂದು ಹವಾಮಾನ ಇಲಾಖೆ ಮುನ್ಸೂಚನೆ ನೀಡಿದೆ. ಕಳೆದ 24 ಗಂಟೆಗಳ ಹವಾಮಾನ ಪರಿಸ್ಥಿತಿ: ಕಳೆದ ದಿನ ಕರಾವಳಿಯ ದಕ್ಷಿಣ ಕನ್ನಡ ಹಾಗೂ ಕಾಸರಗೋಡು ಜಿಲ್ಲೆಗಳಲ್ಲಿ ಮಳೆಯ ಪ್ರಮಾಣ ಕಡಿಮೆಯಾಗಿತ್ತು. ಆದರೆ, ಉತ್ತರ ಕನ್ನಡದ ಅಂಕೋಲಾ, ಕಾರವಾರ, ಹೊನ್ನಾವರ, ಕುಮಟಾ, ಭಟ್ಕಳ, ಸಿದ್ದಾಪುರ ಹಾಗೂ ಉಡುಪಿ ಜಿಲ್ಲೆಯ ಬೈಂದೂರು, ಕುಂದಾಪುರ ತಾಲೂಕುಗಳಲ್ಲಿ ಉತ್ತಮ ಮಳೆಯಾಗಿದೆ. ಶಿವಮೊಗ್ಗದ ತೀರ್ಥಹಳ್ಳಿ, ಹೊಸನಗರ, ಸಾಗರ ತಾಲೂಕುಗಳಲ್ಲಿ ಅಲ್ಲಲ್ಲಿ ಸಾಧಾರಣ ಮಳೆಯಾಗಿದೆ. ಇನ್ನು ಉತ್ತರ ಒಳನಾಡಿನ ಬೆಳಗಾವಿ, ಧಾರವಾಡ, ಬಾಗಲಕೋಟೆ, ವಿಜಯಪುರ, ರಾಯಚೂರು ಮತ್ತು ಬಳ್ಳಾರಿ ಜಿಲ್ಲೆಗಳ ಹಲವೆಡೆ ಚದುರಿದಂತೆ ಉತ್ತಮ ಮಳೆಯಾಗಿದ್ದರೆ, ದಕ್ಷಿಣ ಒಳನಾಡಿನಲ್ಲಿ ಮಳೆ ಕ್ಷೀಣಿಸಿತ್ತು. ಪ್ರಾದೇಶಿಕ ಹವಾಮಾನ ಮುನ್ಸೂಚನೆ (ಸೆಪ್ಟೆಂಬರ್ 24): ಕರಾವಳಿ ಕರ್ನಾಟಕ: ಇಂದಿನಿಂದ ಕರಾವಳಿ ಜಿಲ್ಲೆಗಳಲ್ಲಿ ಮಳೆ ಮತ್ತೆ ಚುರುಕುಗೊಳ್ಳಲಿದೆ. ಕಾಸರಗೋಡು ಮತ್ತು ದಕ್ಷಿಣ ಕನ್ನಡ ಜಿಲ್ಲೆಗಳ ಭಾಗಶಃ ಮೋಡ ಮುಸುಕಿದ ವಾತಾವರಣವಿದ್ದು, ಮಧ್ಯಾಹ್ನದ ನಂತರ ನಿರಂತರ ತುಂತುರು ಅಥವಾ ಸಾಧಾರಣ ಮಳೆ ಆರಂಭವಾಗುವ ಸಾಧ್ಯತೆಯಿದೆ. ಉಡುಪಿ ಹಾಗೂ ಉತ್ತರ ಕನ್ನಡ ಜಿಲ್ಲೆಗಳ ಕರಾವಳಿ ತೀರದ ತಾಲೂಕುಗಳಲ್ಲಿ ಇಂದು ಉತ್ತಮ ಮಳೆಯಾಗಲಿದೆ. ಈ ಭಾಗದಲ್ಲಿ ಶನಿವಾರ ಬೆಳಗ್ಗಿನವರೆಗೆ ಮಳೆ ಮುಂದುವರಿಯಲಿದ್ದು, ವಾಯುಭಾರ ಕುಸಿತ ತಗ್ಗಿ ಬಳಿಕ ಭಾನುವಾರದಿಂದ ಮಳೆಯ ತೀವ್ರತೆ ಕಡಿಮೆಯಾಗಲಿದೆ. ಮಲೆನಾಡು ಭಾಗ: ಚಿಕ್ಕಮಗಳೂರು ಮತ್ತು ಶಿವಮೊಗ್ಗ ಜಿಲ್ಲೆಗಳಲ್ಲಿ ಮೋಡ ಕವಿದ ವಾತಾವರಣವಿದ್ದು, ಸಾಧಾರಣ ಮಳೆಯಾಗುವ ನಿರೀಕ್ಷೆ. ಘಟ್ಟ ಪ್ರದೇಶಗಳಲ್ಲಿ ಉತ್ತಮ ಮಳೆಯಾಗುವ ಸಾಧ್ಯತೆಯಿದೆ. ಕೊಡಗು ಜಿಲ್ಲೆಯ ಅಲ್ಲಲ್ಲಿ ಸಣ್ಣ ಪ್ರಮಾಣದ ಮಳೆಯಾಗಲಿದ್ದು, ಕೊಡಗು ಹಾಗೂ ಹಾಸನದ ಕರಾವಳಿ ಗಡಿಭಾಗದ ಘಟ್ಟಪ್ರದೇಶಗಳಲ್ಲಿ ಸಾಮಾನ್ಯ ಮಳೆಯಾಗಬಹುದು
